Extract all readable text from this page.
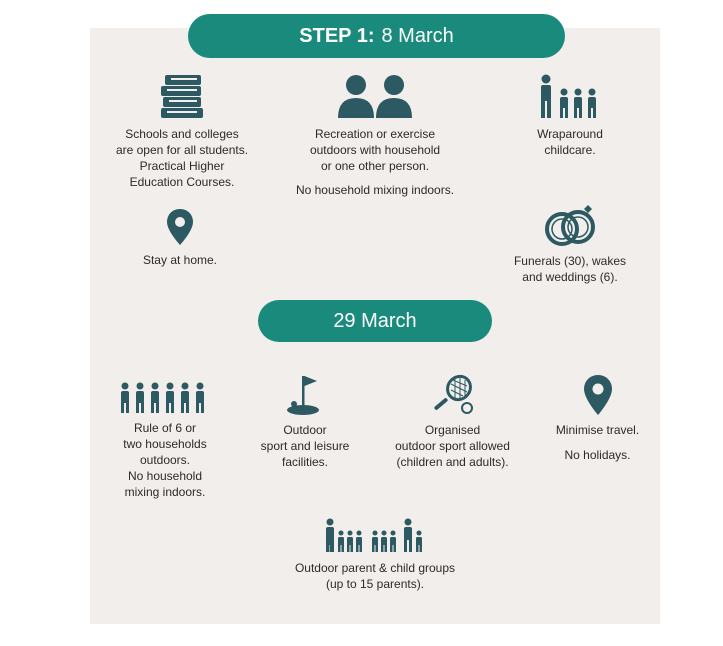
STEP 1: 8 March
Schools and colleges
are open for all students.
Practical Higher
Education Courses.
Recreation or exercise
outdoors with household
or one other person.
No household mixing indoors.
Wraparound
childcare.
Stay at home.	Funerals (30), wakes
and weddings (6).
29 March
Rule of 6 or
two households
outdoors.
No household
mixing indoors.
Outdoor
sport and leisure
facilities.
Organised
outdoor sport allowed
(children and adults).
Minimise travel.
No holidays.
Outdoor parent & child groups
(up to 15 parents).
